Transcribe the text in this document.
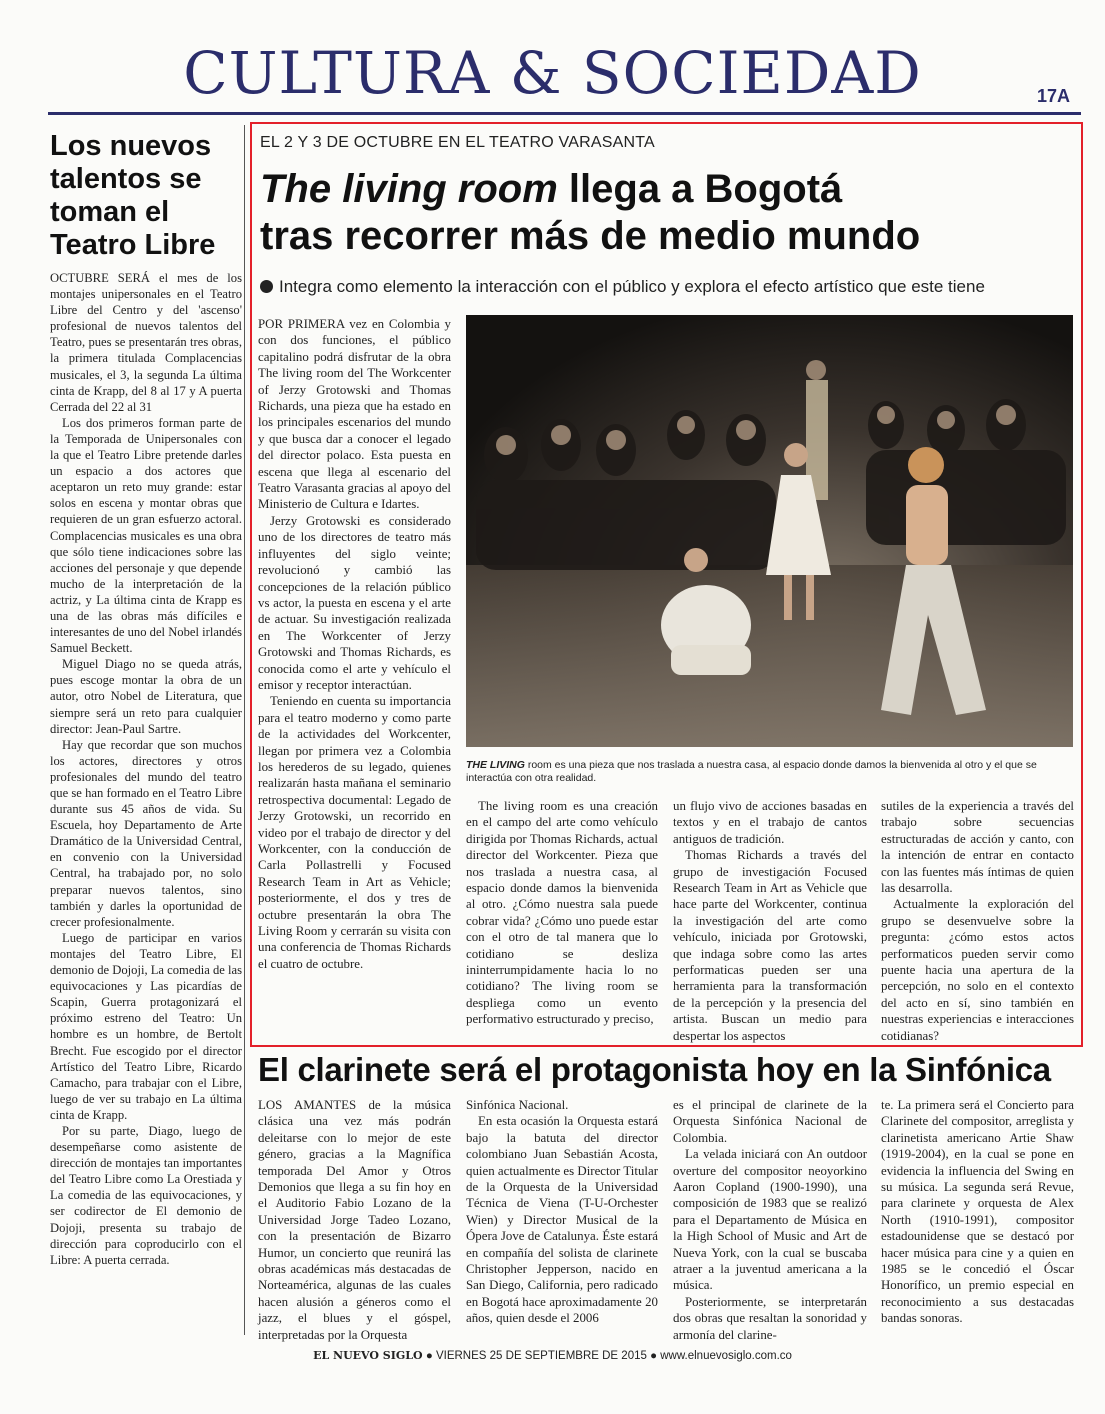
CULTURA & SOCIEDAD	17A
Los nuevos talentos se toman el Teatro Libre

OCTUBRE SERÁ el mes de los montajes unipersonales en el Teatro Libre del Centro y del 'ascenso' profesional de nuevos talentos del Teatro, pues se presentarán tres obras, la primera titulada Complacencias musicales, el 3, la segunda La última cinta de Krapp, del 8 al 17 y A puerta Cerrada del 22 al 31

Los dos primeros forman parte de la Temporada de Unipersonales con la que el Teatro Libre pretende darles un espacio a dos actores que aceptaron un reto muy grande: estar solos en escena y montar obras que requieren de un gran esfuerzo actoral. Complacencias musicales es una obra que sólo tiene indicaciones sobre las acciones del personaje y que depende mucho de la interpretación de la actriz, y La última cinta de Krapp es una de las obras más difíciles e interesantes de uno del Nobel irlandés Samuel Beckett.

Miguel Diago no se queda atrás, pues escoge montar la obra de un autor, otro Nobel de Literatura, que siempre será un reto para cualquier director: Jean-Paul Sartre.

Hay que recordar que son muchos los actores, directores y otros profesionales del mundo del teatro que se han formado en el Teatro Libre durante sus 45 años de vida. Su Escuela, hoy Departamento de Arte Dramático de la Universidad Central, en convenio con la Universidad Central, ha trabajado por, no solo preparar nuevos talentos, sino también y darles la oportunidad de crecer profesionalmente.

Luego de participar en varios montajes del Teatro Libre, El demonio de Dojoji, La comedia de las equivocaciones y Las picardías de Scapin, Guerra protagonizará el próximo estreno del Teatro: Un hombre es un hombre, de Bertolt Brecht. Fue escogido por el director Artístico del Teatro Libre, Ricardo Camacho, para trabajar con el Libre, luego de ver su trabajo en La última cinta de Krapp.

Por su parte, Diago, luego de desempeñarse como asistente de dirección de montajes tan importantes del Teatro Libre como La Orestiada y La comedia de las equivocaciones, y ser codirector de El demonio de Dojoji, presenta su trabajo de dirección para coproducirlo con el Libre: A puerta cerrada.

EL 2 Y 3 DE OCTUBRE EN EL TEATRO VARASANTA
The living room llega a Bogotá
tras recorrer más de medio mundo
Integra como elemento la interacción con el público y explora el efecto artístico que este tiene

POR PRIMERA vez en Colombia y con dos funciones, el público capitalino podrá disfrutar de la obra The living room del The Workcenter of Jerzy Grotowski and Thomas Richards, una pieza que ha estado en los principales escenarios del mundo y que busca dar a conocer el legado del director polaco. Esta puesta en escena que llega al escenario del Teatro Varasanta gracias al apoyo del Ministerio de Cultura e Idartes.

Jerzy Grotowski es considerado uno de los directores de teatro más influyentes del siglo veinte; revolucionó y cambió las concepciones de la relación público vs actor, la puesta en escena y el arte de actuar. Su investigación realizada en The Workcenter of Jerzy Grotowski and Thomas Richards, es conocida como el arte y vehículo el emisor y receptor interactúan.

Teniendo en cuenta su importancia para el teatro moderno y como parte de la actividades del Workcenter, llegan por primera vez a Colombia los herederos de su legado, quienes realizarán hasta mañana el seminario retrospectiva documental: Legado de Jerzy Grotowski, un recorrido en video por el trabajo de director y del Workcenter, con la conducción de Carla Pollastrelli y Focused Research Team in Art as Vehicle; posteriormente, el dos y tres de octubre presentarán la obra The Living Room y cerrarán su visita con una conferencia de Thomas Richards el cuatro de octubre.

THE LIVING room es una pieza que nos traslada a nuestra casa, al espacio donde damos la bienvenida al otro y el que se interactúa con otra realidad.

The living room es una creación en el campo del arte como vehículo dirigida por Thomas Richards, actual director del Workcenter. Pieza que nos traslada a nuestra casa, al espacio donde damos la bienvenida al otro. ¿Cómo nuestra sala puede cobrar vida? ¿Cómo uno puede estar con el otro de tal manera que lo cotidiano se desliza ininterrumpidamente hacia lo no cotidiano? The living room se despliega como un evento performativo estructurado y preciso,

un flujo vivo de acciones basadas en textos y en el trabajo de cantos antiguos de tradición.

Thomas Richards a través del grupo de investigación Focused Research Team in Art as Vehicle que hace parte del Workcenter, continua la investigación del arte como vehículo, iniciada por Grotowski, que indaga sobre como las artes performaticas pueden ser una herramienta para la transformación de la percepción y la presencia del artista. Buscan un medio para despertar los aspectos

sutiles de la experiencia a través del trabajo sobre secuencias estructuradas de acción y canto, con la intención de entrar en contacto con las fuentes más íntimas de quien las desarrolla.

Actualmente la exploración del grupo se desenvuelve sobre la pregunta: ¿cómo estos actos performaticos pueden servir como puente hacia una apertura de la percepción, no solo en el contexto del acto en sí, sino también en nuestras experiencias e interacciones cotidianas?

El clarinete será el protagonista hoy en la Sinfónica

LOS AMANTES de la música clásica una vez más podrán deleitarse con lo mejor de este género, gracias a la Magnífica temporada Del Amor y Otros Demonios que llega a su fin hoy en el Auditorio Fabio Lozano de la Universidad Jorge Tadeo Lozano, con la presentación de Bizarro Humor, un concierto que reunirá las obras académicas más destacadas de Norteamérica, algunas de las cuales hacen alusión a géneros como el jazz, el blues y el góspel, interpretadas por la Orquesta

Sinfónica Nacional.

En esta ocasión la Orquesta estará bajo la batuta del director colombiano Juan Sebastián Acosta, quien actualmente es Director Titular de la Orquesta de la Universidad Técnica de Viena (T-U-Orchester Wien) y Director Musical de la Ópera Jove de Catalunya. Éste estará en compañía del solista de clarinete Christopher Jepperson, nacido en San Diego, California, pero radicado en Bogotá hace aproximadamente 20 años, quien desde el 2006

es el principal de clarinete de la Orquesta Sinfónica Nacional de Colombia.

La velada iniciará con An outdoor overture del compositor neoyorkino Aaron Copland (1900-1990), una composición de 1983 que se realizó para el Departamento de Música en la High School of Music and Art de Nueva York, con la cual se buscaba atraer a la juventud americana a la música.

Posteriormente, se interpretarán dos obras que resaltan la sonoridad y armonía del clarine-

te. La primera será el Concierto para Clarinete del compositor, arreglista y clarinetista americano Artie Shaw (1919-2004), en la cual se pone en evidencia la influencia del Swing en su música. La segunda será Revue, para clarinete y orquesta de Alex North (1910-1991), compositor estadounidense que se destacó por hacer música para cine y a quien en 1985 se le concedió el Óscar Honorífico, un premio especial en reconocimiento a sus destacadas bandas sonoras.

EL NUEVO SIGLO ● VIERNES 25 DE SEPTIEMBRE DE 2015 ● www.elnuevosiglo.com.co
